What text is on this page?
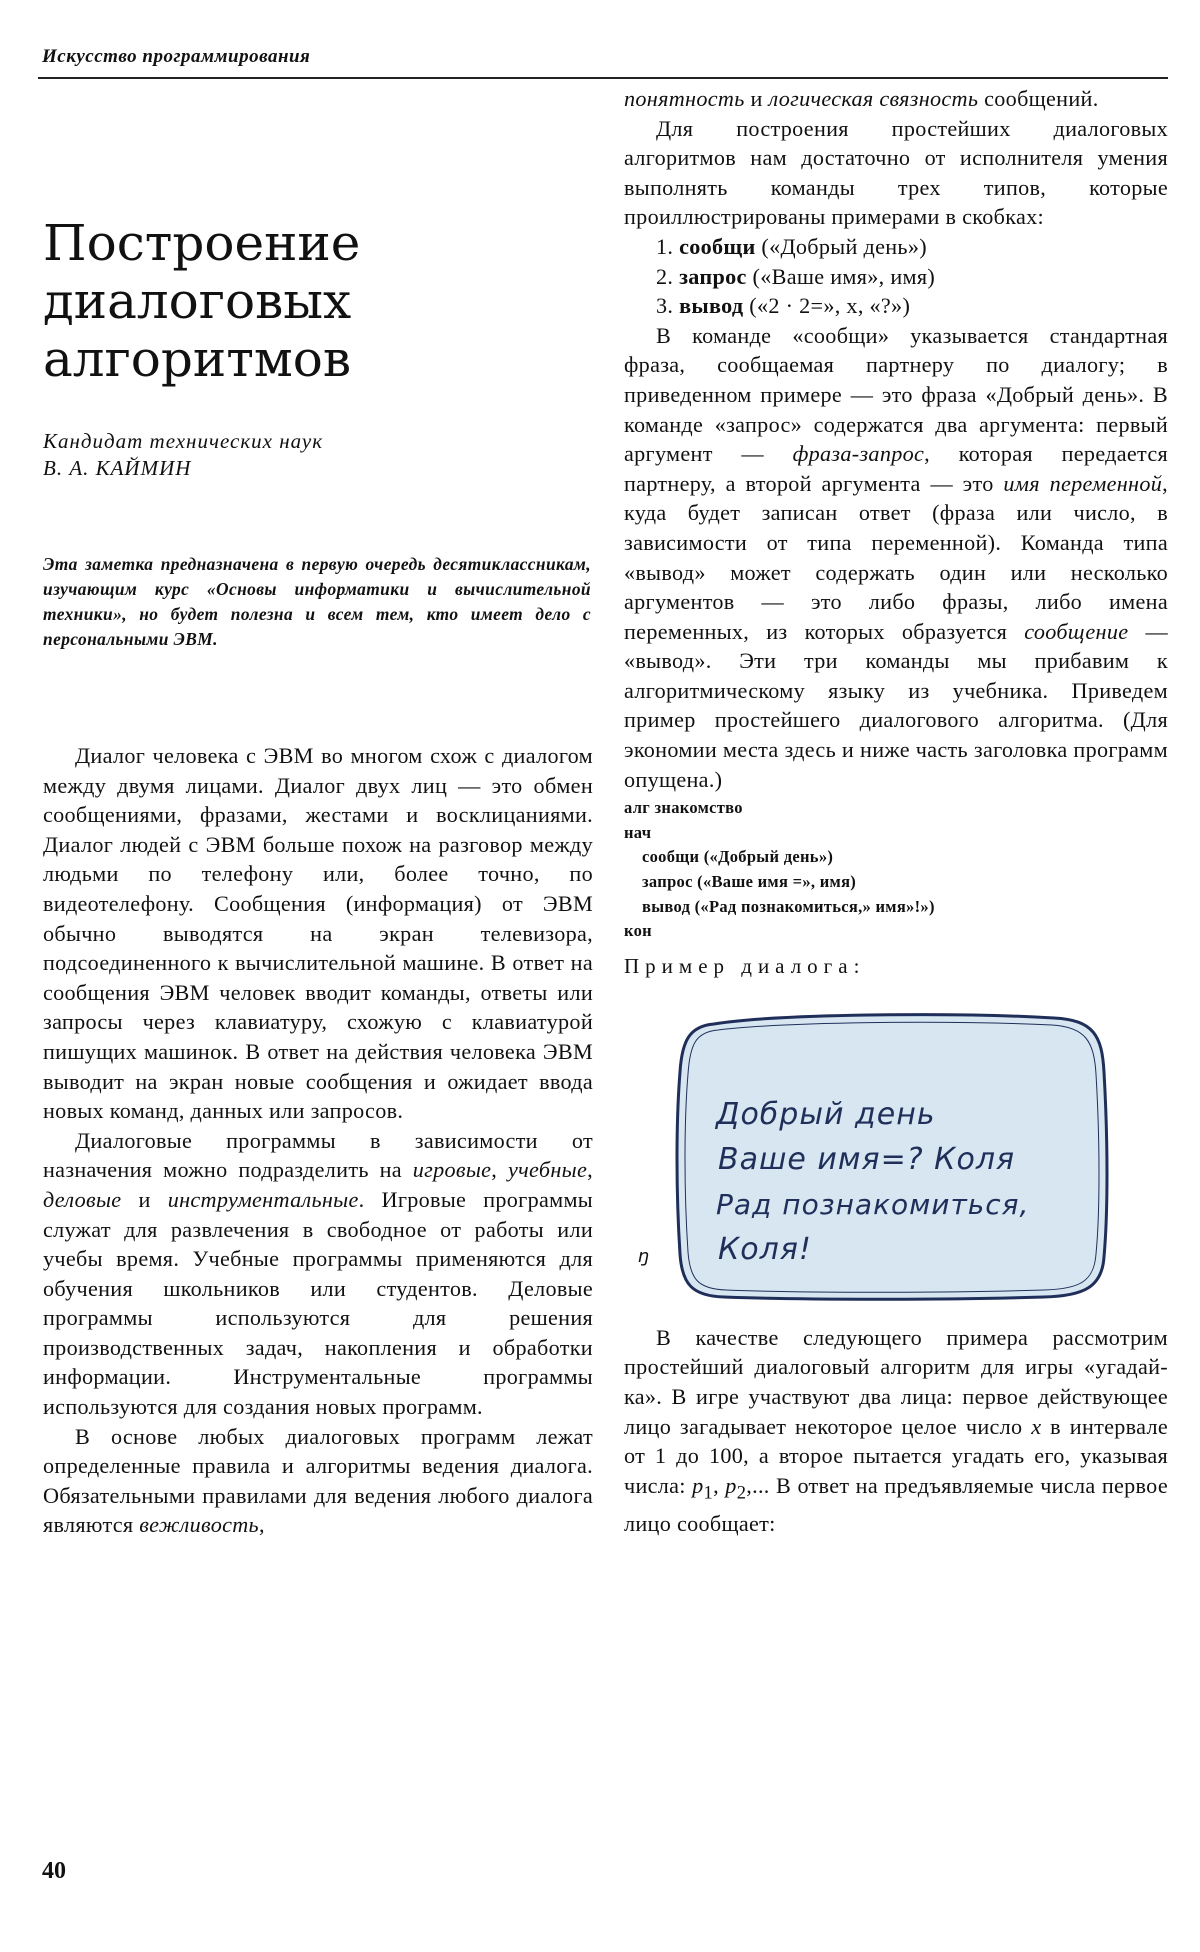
Искусство программирования
Построение
диалоговых
алгоритмов
Кандидат технических наук
В. А. КАЙМИН
Эта заметка предназначена в первую очередь десятиклассникам, изучающим курс «Основы информатики и вычислительной техники», но будет полезна и всем тем, кто имеет дело с персональными ЭВМ.

Диалог человека с ЭВМ во многом схож с диалогом между двумя лицами. Диалог двух лиц — это обмен сообщениями, фразами, жестами и восклицаниями. Диалог людей с ЭВМ больше похож на разговор между людьми по телефону или, более точно, по видеотелефону. Сообщения (информация) от ЭВМ обычно выводятся на экран телевизора, подсоединенного к вычислительной машине. В ответ на сообщения ЭВМ человек вводит команды, ответы или запросы через клавиатуру, схожую с клавиатурой пишущих машинок. В ответ на действия человека ЭВМ выводит на экран новые сообщения и ожидает ввода новых команд, данных или запросов.

Диалоговые программы в зависимости от назначения можно подразделить на игровые, учебные, деловые и инструментальные. Игровые программы служат для развлечения в свободное от работы или учебы время. Учебные программы применяются для обучения школьников или студентов. Деловые программы используются для решения производственных задач, накопления и обработки информации. Инструментальные программы используются для создания новых программ.

В основе любых диалоговых программ лежат определенные правила и алгоритмы ведения диалога. Обязательными правилами для ведения любого диалога являются вежливость,

понятность и логическая связность сообщений.

Для построения простейших диалоговых алгоритмов нам достаточно от исполнителя умения выполнять команды трех типов, которые проиллюстрированы примерами в скобках:

1. сообщи («Добрый день»)
2. запрос («Ваше имя», имя)
3. вывод («2 · 2=», x, «?»)

В команде «сообщи» указывается стандартная фраза, сообщаемая партнеру по диалогу; в приведенном примере — это фраза «Добрый день». В команде «запрос» содержатся два аргумента: первый аргумент — фраза-запрос, которая передается партнеру, а второй аргумента — это имя переменной, куда будет записан ответ (фраза или число, в зависимости от типа переменной). Команда типа «вывод» может содержать один или несколько аргументов — это либо фразы, либо имена переменных, из которых образуется сообщение — «вывод». Эти три команды мы прибавим к алгоритмическому языку из учебника. Приведем пример простейшего диалогового алгоритма. (Для экономии места здесь и ниже часть заголовка программ опущена.)

алг знакомство
нач
сообщи («Добрый день»)
запрос («Ваше имя =», имя)
вывод («Рад познакомиться,» имя»!»)
кон
Пример диалога:
Добрый день
Ваше имя=? Коля
Рад познакомиться,
Коля!
ŋ

В качестве следующего примера рассмотрим простейший диалоговый алгоритм для игры «угадай-ка». В игре участвуют два лица: первое действующее лицо загадывает некоторое целое число x в интервале от 1 до 100, а второе пытается угадать его, указывая числа: $p_1$, $p_2$,... В ответ на предъявляемые числа первое лицо сообщает:

40
